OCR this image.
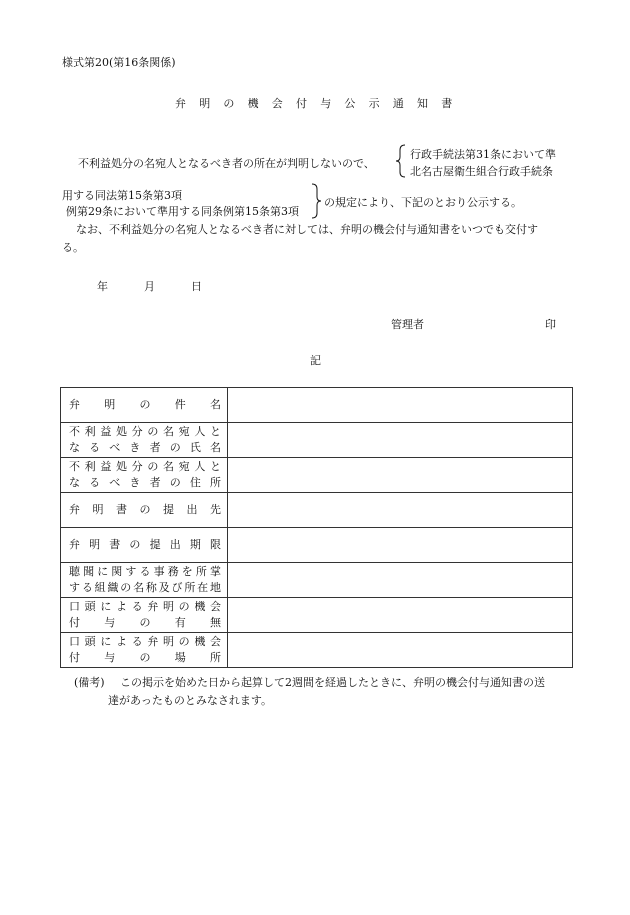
様式第20(第16条関係)
弁明の機会付与公示通知書
不利益処分の名宛人となるべき者の所在が判明しないので、
行政手続法第31条において準
北名古屋衛生組合行政手続条
用する同法第15条第3項
例第29条において準用する同条例第15条第3項
の規定により、下記のとおり公示する。
なお、不利益処分の名宛人となるべき者に対しては、弁明の機会付与通知書をいつでも交付す
る。
年	月	日
管理者	印
記
弁明の件名	

不利益処分の名宛人と
なるべき者の氏名	

不利益処分の名宛人と
なるべき者の住所	

弁明書の提出先	

弁明書の提出期限	

聴聞に関する事務を所掌
する組織の名称及び所在地	

口頭による弁明の機会
付与の有無	

口頭による弁明の機会
付与の場所	

(備考) この掲示を始めた日から起算して2週間を経過したときに、弁明の機会付与通知書の送
達があったものとみなされます。
